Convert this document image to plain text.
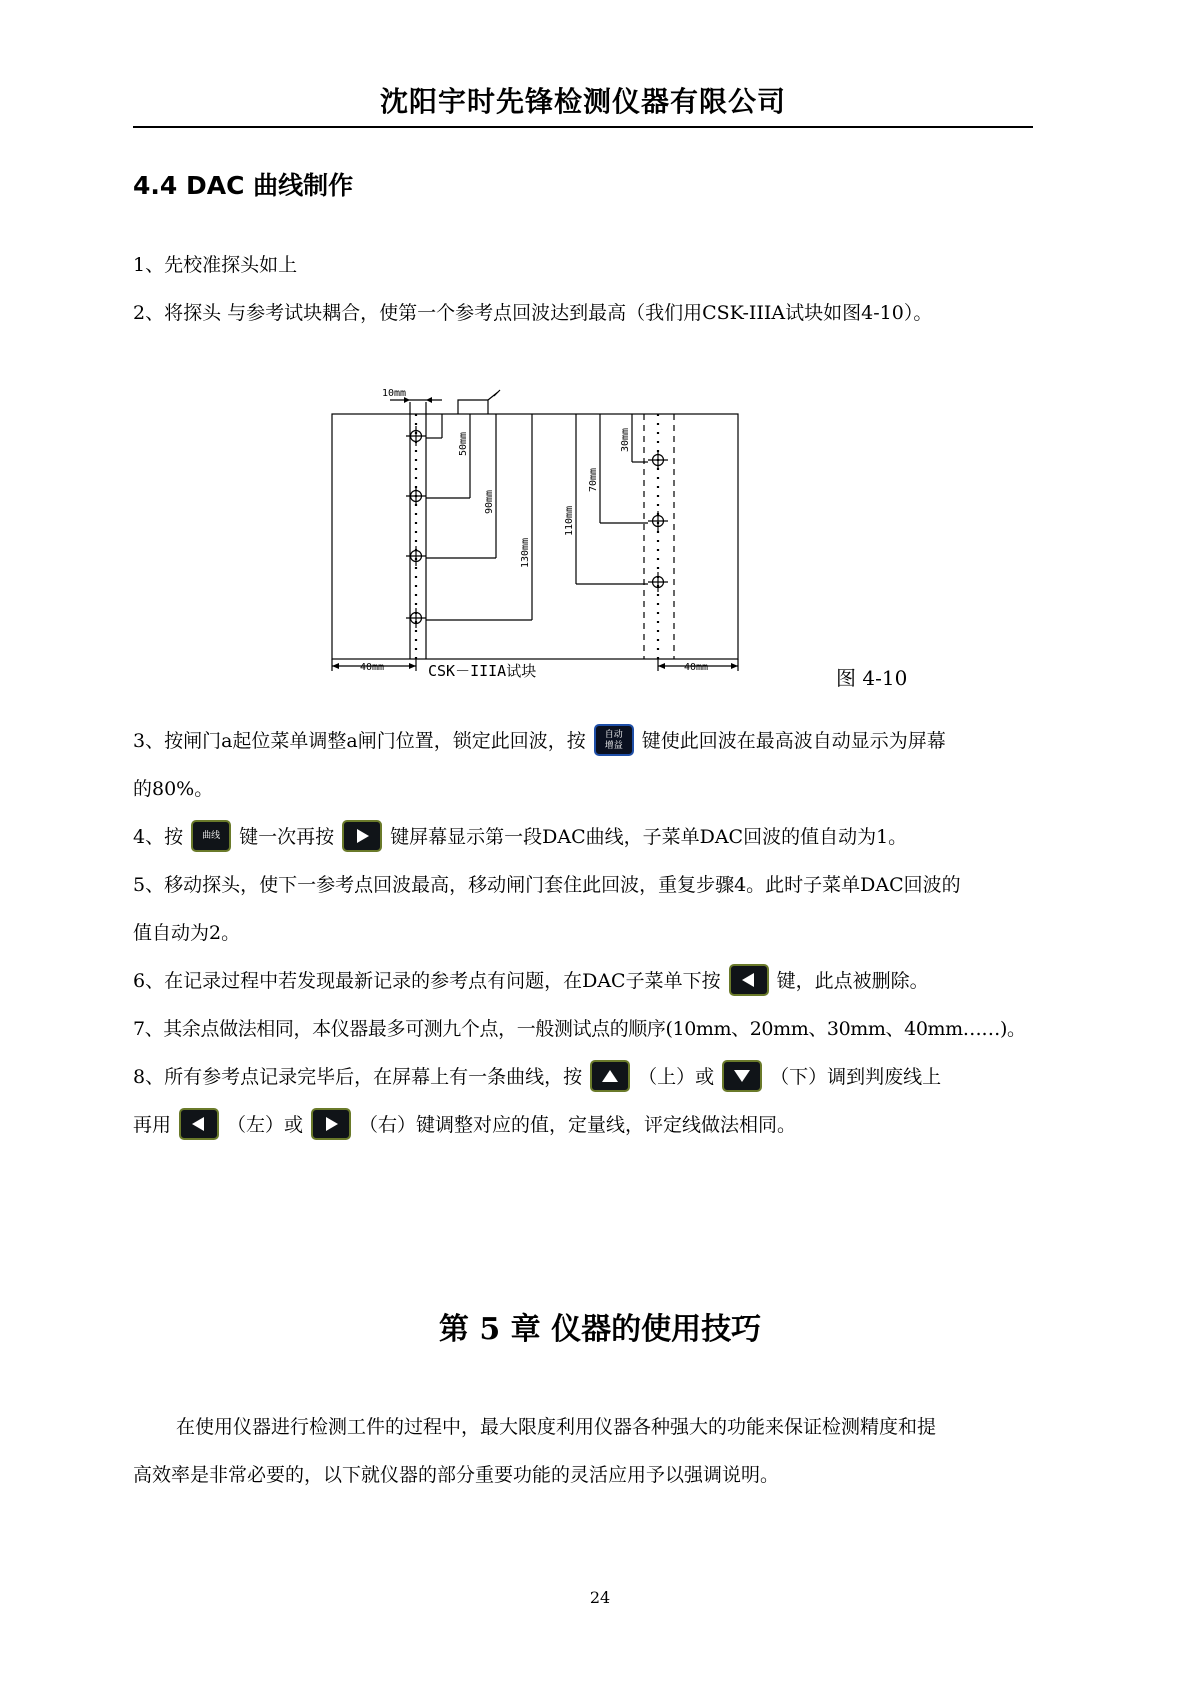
沈阳宇时先锋检测仪器有限公司
4.4 DAC 曲线制作
1、先校准探头如上
2、将探头 与参考试块耦合，使第一个参考点回波达到最高（我们用CSK-IIIA试块如图4-10）。
10mm
50mm
90mm
130mm
110mm
70mm
30mm
40mm	40mm
CSK－IIIA试块	图 4-10
3、按闸门a起位菜单调整a闸门位置，锁定此回波，按	自动
增益	键使此回波在最高波自动显示为屏幕
的80%。
4、按	曲线	键一次再按	键屏幕显示第一段DAC曲线，子菜单DAC回波的值自动为1。
5、移动探头，使下一参考点回波最高，移动闸门套住此回波，重复步骤4。此时子菜单DAC回波的
值自动为2。
6、在记录过程中若发现最新记录的参考点有问题，在DAC子菜单下按	键，此点被删除。
7、其余点做法相同，本仪器最多可测九个点，一般测试点的顺序(10mm、20mm、30mm、40mm……)。
8、所有参考点记录完毕后，在屏幕上有一条曲线，按	（上）或	（下）调到判废线上
再用	（左）或	（右）键调整对应的值，定量线，评定线做法相同。
第 5 章 仪器的使用技巧
在使用仪器进行检测工件的过程中，最大限度利用仪器各种强大的功能来保证检测精度和提
高效率是非常必要的，以下就仪器的部分重要功能的灵活应用予以强调说明。
24
